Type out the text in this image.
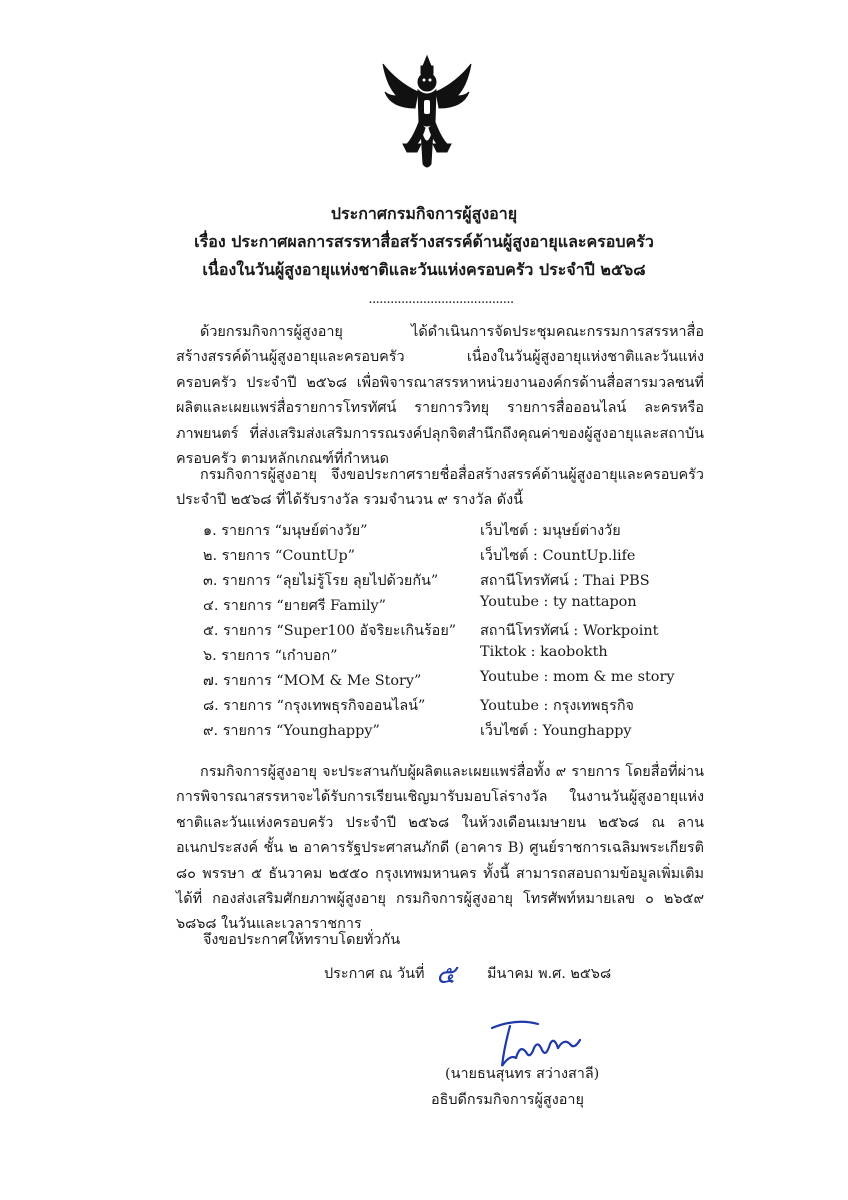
ประกาศกรมกิจการผู้สูงอายุ
เรื่อง ประกาศผลการสรรหาสื่อสร้างสรรค์ด้านผู้สูงอายุและครอบครัว
เนื่องในวันผู้สูงอายุแห่งชาติและวันแห่งครอบครัว ประจำปี ๒๕๖๘
........................................
ด้วยกรมกิจการผู้สูงอายุ ได้ดำเนินการจัดประชุมคณะกรรมการสรรหาสื่อสร้างสรรค์ด้านผู้สูงอายุและครอบครัว เนื่องในวันผู้สูงอายุแห่งชาติและวันแห่งครอบครัว ประจำปี ๒๕๖๘ เพื่อพิจารณาสรรหาหน่วยงานองค์กรด้านสื่อสารมวลชนที่ผลิตและเผยแพร่สื่อรายการโทรทัศน์ รายการวิทยุ รายการสื่อออนไลน์ ละครหรือภาพยนตร์ ที่ส่งเสริมส่งเสริมการรณรงค์ปลุกจิตสำนึกถึงคุณค่าของผู้สูงอายุและสถาบันครอบครัว ตามหลักเกณฑ์ที่กำหนด
กรมกิจการผู้สูงอายุ จึงขอประกาศรายชื่อสื่อสร้างสรรค์ด้านผู้สูงอายุและครอบครัว ประจำปี ๒๕๖๘ ที่ได้รับรางวัล รวมจำนวน ๙ รางวัล ดังนี้
๑. รายการ “มนุษย์ต่างวัย”	เว็บไซต์ : มนุษย์ต่างวัย
๒. รายการ “CountUp”	เว็บไซต์ : CountUp.life
๓. รายการ “ลุยไม่รู้โรย ลุยไปด้วยกัน”	สถานีโทรทัศน์ : Thai PBS
๔. รายการ “ยายศรี Family”	Youtube : ty nattapon
๕. รายการ “Super100 อัจริยะเกินร้อย” สถานีโทรทัศน์ : Workpoint
๖. รายการ “เก๋าบอก”	Tiktok : kaobokth
๗. รายการ “MOM & Me Story”	Youtube : mom & me story
๘. รายการ “กรุงเทพธุรกิจออนไลน์”	Youtube : กรุงเทพธุรกิจ
๙. รายการ “Younghappy”	เว็บไซต์ : Younghappy
กรมกิจการผู้สูงอายุ จะประสานกับผู้ผลิตและเผยแพร่สื่อทั้ง ๙ รายการ โดยสื่อที่ผ่านการพิจารณาสรรหาจะได้รับการเรียนเชิญมารับมอบโล่รางวัล ในงานวันผู้สูงอายุแห่งชาติและวันแห่งครอบครัว ประจำปี ๒๕๖๘ ในห้วงเดือนเมษายน ๒๕๖๘ ณ ลานอเนกประสงค์ ชั้น ๒ อาคารรัฐประศาสนภักดี (อาคาร B) ศูนย์ราชการเฉลิมพระเกียรติ ๘๐ พรรษา ๕ ธันวาคม ๒๕๕๐ กรุงเทพมหานคร ทั้งนี้ สามารถสอบถามข้อมูลเพิ่มเติมได้ที่ กองส่งเสริมศักยภาพผู้สูงอายุ กรมกิจการผู้สูงอายุ โทรศัพท์หมายเลข ๐ ๒๖๕๙ ๖๘๖๘ ในวันและเวลาราชการ
จึงขอประกาศให้ทราบโดยทั่วกัน
ประกาศ ณ วันที่ ๕ มีนาคม พ.ศ. ๒๕๖๘
(นายธนสุนทร สว่างสาลี)
อธิบดีกรมกิจการผู้สูงอายุ
